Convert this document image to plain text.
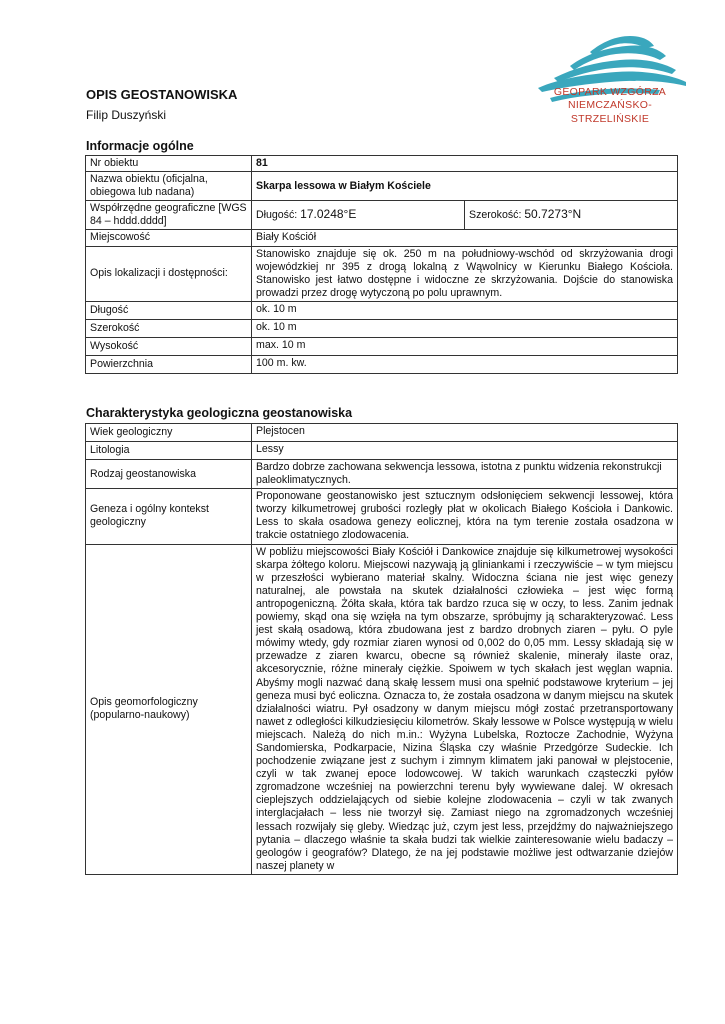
GEOPARK WZGÓRZA
NIEMCZAŃSKO-STRZELIŃSKIE
OPIS GEOSTANOWISKA
Filip Duszyński
Informacje ogólne
Nr obiektu	81	
Nazwa obiektu (oficjalna, obiegowa lub nadana)	Skarpa lessowa w Białym Kościele	
Współrzędne geograficzne [WGS 84 – hddd.dddd]	Długość: 17.0248°E	Szerokość: 50.7273°N
Miejscowość	Biały Kościół	
Opis lokalizacji i dostępności:	Stanowisko znajduje się ok. 250 m na południowy-wschód od skrzyżowania drogi wojewódzkiej nr 395 z drogą lokalną z Wąwolnicy w Kierunku Białego Kościoła. Stanowisko jest łatwo dostępne i widoczne ze skrzyżowania. Dojście do stanowiska prowadzi przez drogę wytyczoną po polu uprawnym.	
Długość	ok. 10 m	
Szerokość	ok. 10 m	
Wysokość	max. 10 m	
Powierzchnia	100 m. kw.	
Charakterystyka geologiczna geostanowiska
Wiek geologiczny	Plejstocen
Litologia	Lessy
Rodzaj geostanowiska	Bardzo dobrze zachowana sekwencja lessowa, istotna z punktu widzenia rekonstrukcji paleoklimatycznych.
Geneza i ogólny kontekst geologiczny	Proponowane geostanowisko jest sztucznym odsłonięciem sekwencji lessowej, która tworzy kilkumetrowej grubości rozległy płat w okolicach Białego Kościoła i Dankowic. Less to skała osadowa genezy eolicznej, która na tym terenie została osadzona w trakcie ostatniego zlodowacenia.
Opis geomorfologiczny (popularno-naukowy)	W pobliżu miejscowości Biały Kościół i Dankowice znajduje się kilkumetrowej wysokości skarpa żółtego koloru. Miejscowi nazywają ją gliniankami i rzeczywiście – w tym miejscu w przeszłości wybierano materiał skalny. Widoczna ściana nie jest więc genezy naturalnej, ale powstała na skutek działalności człowieka – jest więc formą antropogeniczną. Żółta skała, która tak bardzo rzuca się w oczy, to less. Zanim jednak powiemy, skąd ona się wzięła na tym obszarze, spróbujmy ją scharakteryzować. Less jest skałą osadową, która zbudowana jest z bardzo drobnych ziaren – pyłu. O pyle mówimy wtedy, gdy rozmiar ziaren wynosi od 0,002 do 0,05 mm. Lessy składają się w przewadze z ziaren kwarcu, obecne są również skalenie, minerały ilaste oraz, akcesorycznie, różne minerały ciężkie. Spoiwem w tych skałach jest węglan wapnia. Abyśmy mogli nazwać daną skałę lessem musi ona spełnić podstawowe kryterium – jej geneza musi być eoliczna. Oznacza to, że została osadzona w danym miejscu na skutek działalności wiatru. Pył osadzony w danym miejscu mógł zostać przetransportowany nawet z odległości kilkudziesięciu kilometrów. Skały lessowe w Polsce występują w wielu miejscach. Należą do nich m.in.: Wyżyna Lubelska, Roztocze Zachodnie, Wyżyna Sandomierska, Podkarpacie, Nizina Śląska czy właśnie Przedgórze Sudeckie. Ich pochodzenie związane jest z suchym i zimnym klimatem jaki panował w plejstocenie, czyli w tak zwanej epoce lodowcowej. W takich warunkach cząsteczki pyłów zgromadzone wcześniej na powierzchni terenu były wywiewane dalej. W okresach cieplejszych oddzielających od siebie kolejne zlodowacenia – czyli w tak zwanych interglacjałach – less nie tworzył się. Zamiast niego na zgromadzonych wcześniej lessach rozwijały się gleby. Wiedząc już, czym jest less, przejdźmy do najważniejszego pytania – dlaczego właśnie ta skała budzi tak wielkie zainteresowanie wielu badaczy – geologów i geografów? Dlatego, że na jej podstawie możliwe jest odtwarzanie dziejów naszej planety w
